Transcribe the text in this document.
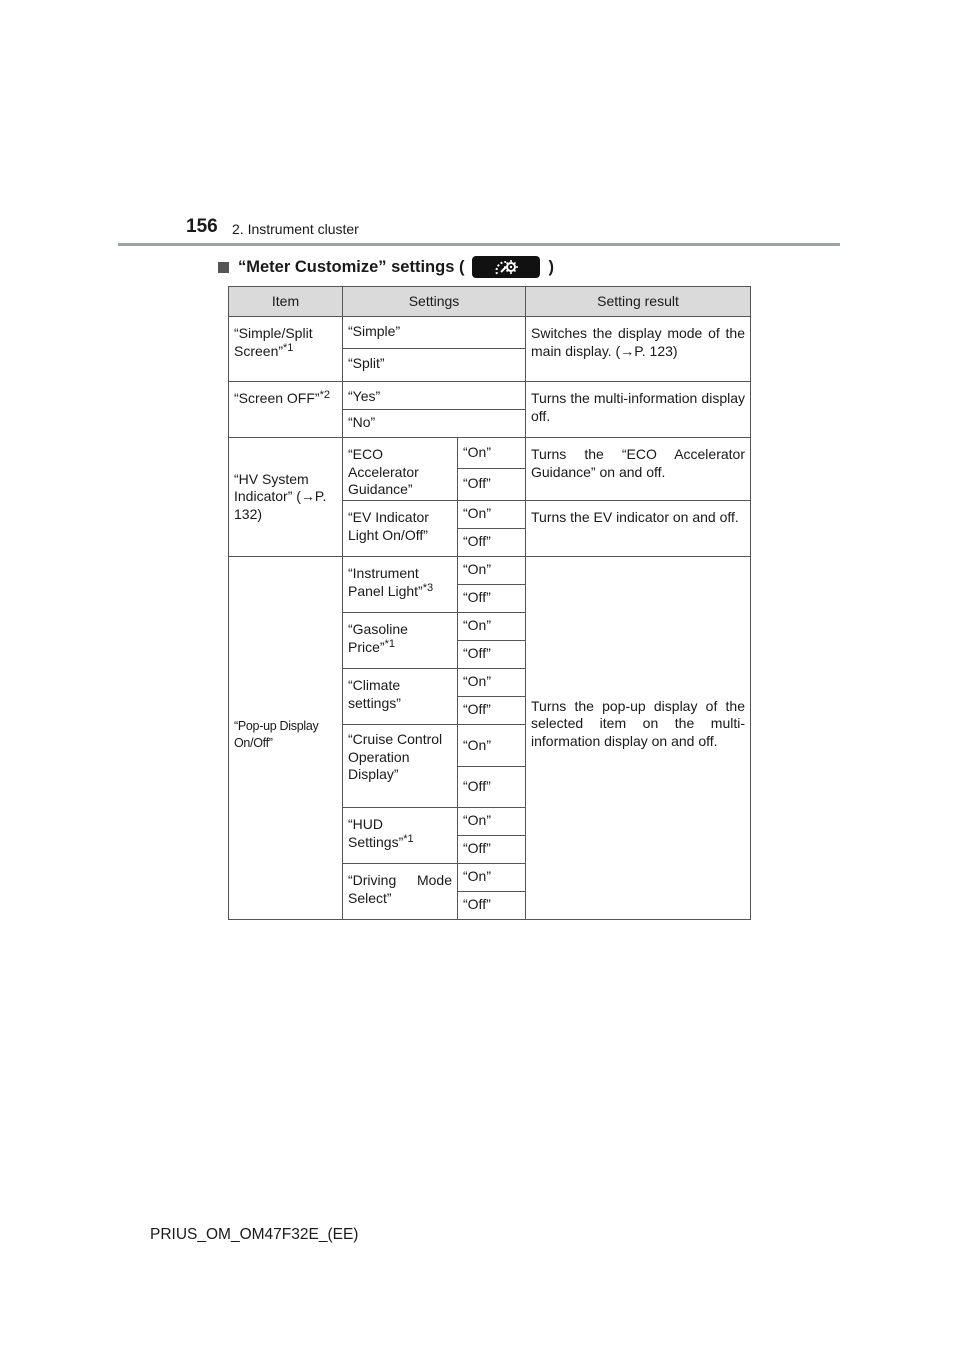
156 2. Instrument cluster
“Meter Customize” settings (	)
Item	Settings		Setting result
“Simple/Split Screen”$^{*1}$	“Simple”		Switches the display mode of the main display. (→P. 123)
	“Split”		
“Screen OFF”$^{*2}$	“Yes”		Turns the multi-information display off.
	“No”		
“HV System Indicator” (→P. 132)	“ECO Accelerator Guidance”	“On”	Turns the “ECO Accelerator Guidance” on and off.
		“Off”	
	“EV Indicator Light On/Off”	“On”	Turns the EV indicator on and off.
		“Off”	
“Pop-up Display On/Off”	“Instrument Panel Light”$^{*3}$	“On”	Turns the pop-up display of the selected item on the multi-information display on and off.
		“Off”	
	“Gasoline Price”$^{*1}$	“On”	
		“Off”	
	“Climate settings”	“On”	
		“Off”	
	“Cruise Control Operation Display”	“On”	
		“Off”	
	“HUD Settings”$^{*1}$	“On”	
		“Off”	
	“Driving Mode Select”	“On”	
		“Off”	
PRIUS_OM_OM47F32E_(EE)
